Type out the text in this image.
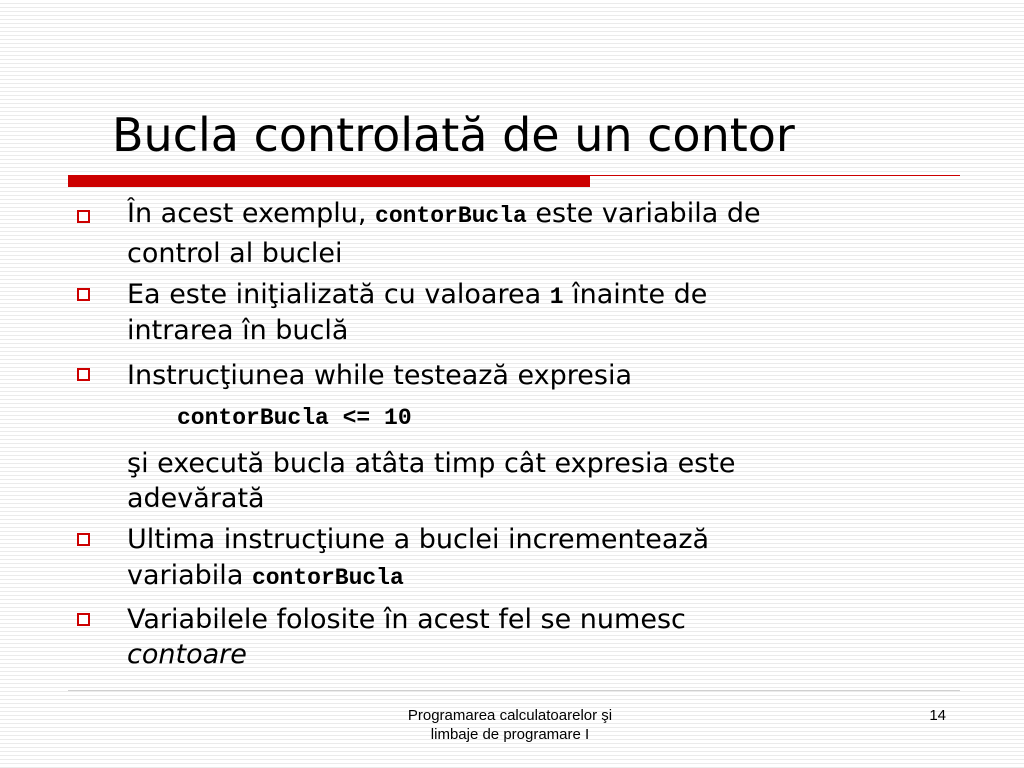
Bucla controlată de un contor
În acest exemplu, contorBucla este variabila de
control al buclei
Ea este iniţializată cu valoarea 1 înainte de
intrarea în buclă
Instrucţiunea while testează expresia
contorBucla <= 10
şi execută bucla atâta timp cât expresia este
adevărată
Ultima instrucţiune a buclei incrementează
variabila contorBucla
Variabilele folosite în acest fel se numesc
contoare
Programarea calculatoarelor şi
limbaje de programare I
14
